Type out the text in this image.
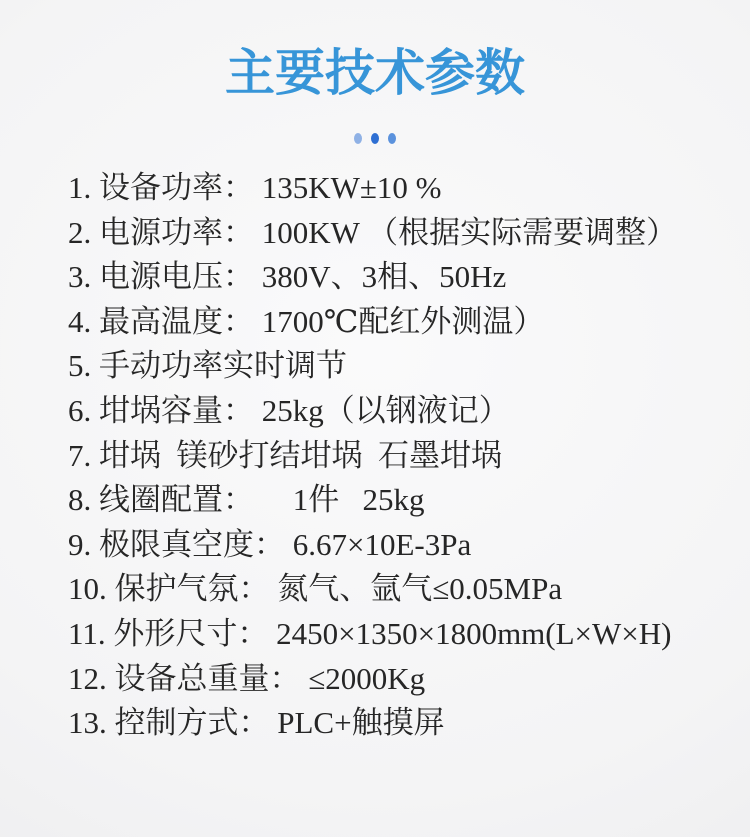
主要技术参数
1. 设备功率： 135KW±10 %
2. 电源功率： 100KW （根据实际需要调整）
3. 电源电压： 380V、3相、50Hz
4. 最高温度： 1700℃配红外测温）
5. 手动功率实时调节
6. 坩埚容量： 25kg（以钢液记）
7. 坩埚  镁砂打结坩埚  石墨坩埚
8. 线圈配置：     1件   25kg
9. 极限真空度： 6.67×10E-3Pa
10. 保护气氛： 氮气、氩气≤0.05MPa
11. 外形尺寸： 2450×1350×1800mm(L×W×H)
12. 设备总重量： ≤2000Kg
13. 控制方式： PLC+触摸屏
